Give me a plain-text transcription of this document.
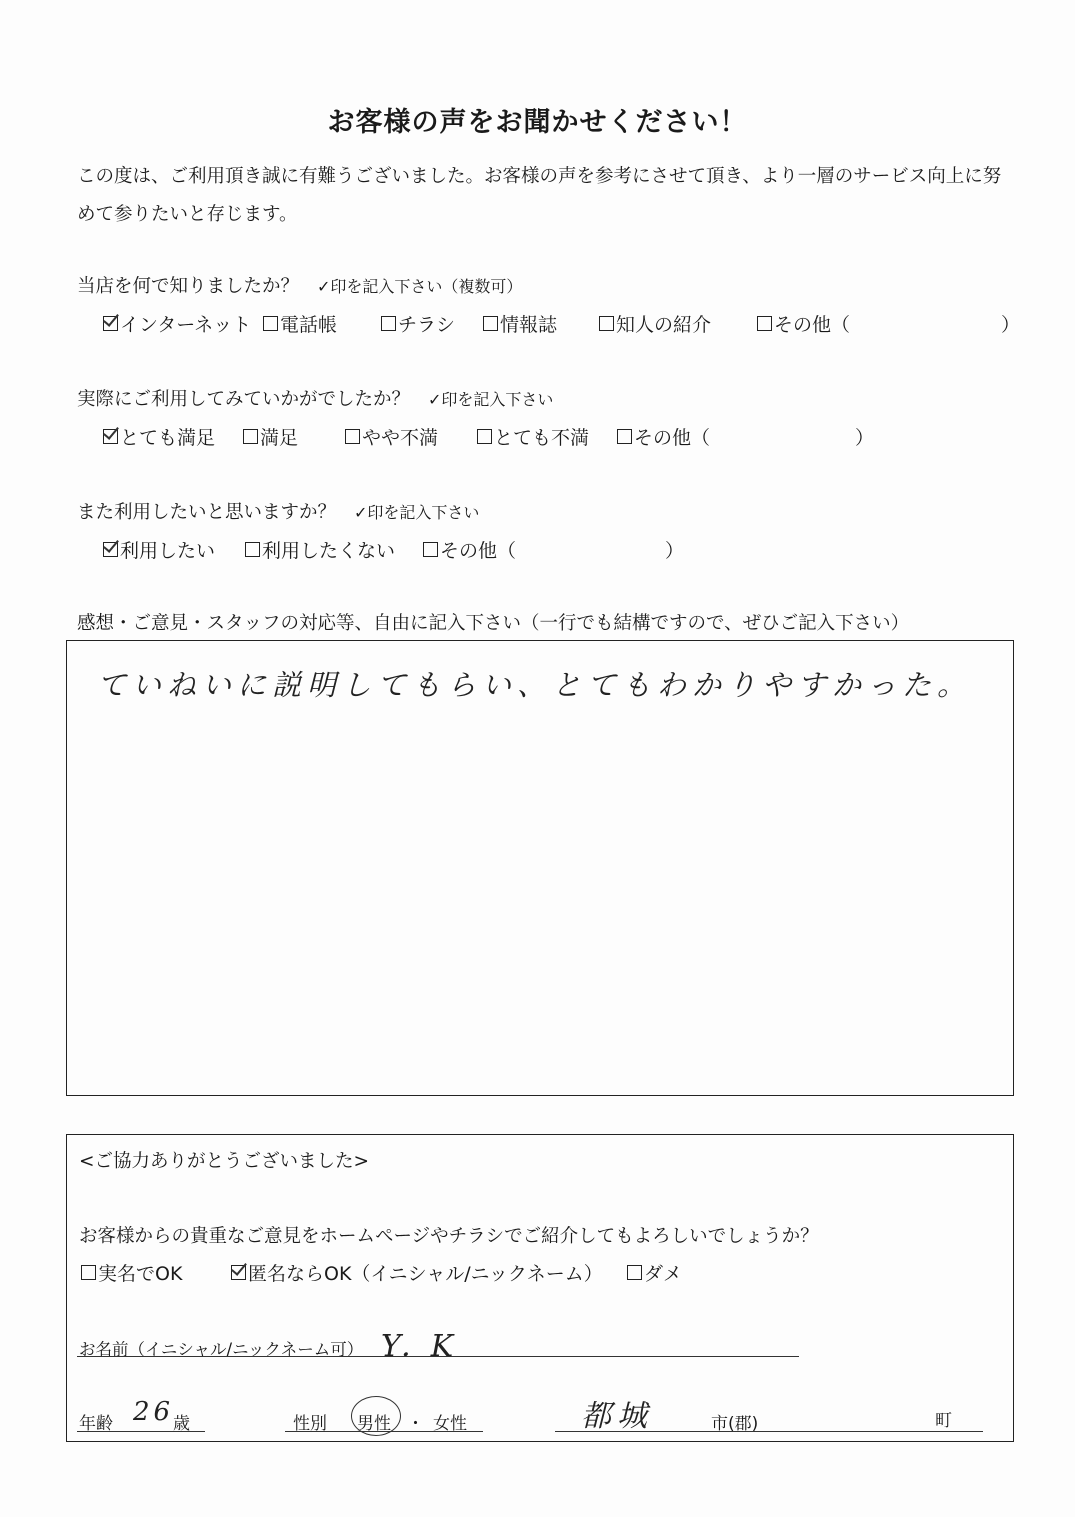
お客様の声をお聞かせください！
この度は、ご利用頂き誠に有難うございました。お客様の声を参考にさせて頂き、より一層のサービス向上に努めて参りたいと存じます。
当店を何で知りましたか？ ✓印を記入下さい（複数可）
インターネット 電話帳	チラシ 情報誌	知人の紹介	その他（	）
実際にご利用してみていかがでしたか？ ✓印を記入下さい
とても満足 満足	やや不満	とても不満 その他（	）
また利用したいと思いますか？ ✓印を記入下さい
利用したい 利用したくない その他（	）
感想・ご意見・スタッフの対応等、自由に記入下さい（一行でも結構ですので、ぜひご記入下さい）
ていねいに説明してもらい、とてもわかりやすかった。
<ご協力ありがとうございました>
お客様からの貴重なご意見をホームページやチラシでご紹介してもよろしいでしょうか？
実名でOK	匿名ならOK（イニシャル/ニックネーム） ダメ
お名前（イニシャル/ニックネーム可） Y．K
年齢 26
歳	性別 男性 ・ 女性	都城	市(郡)	町
